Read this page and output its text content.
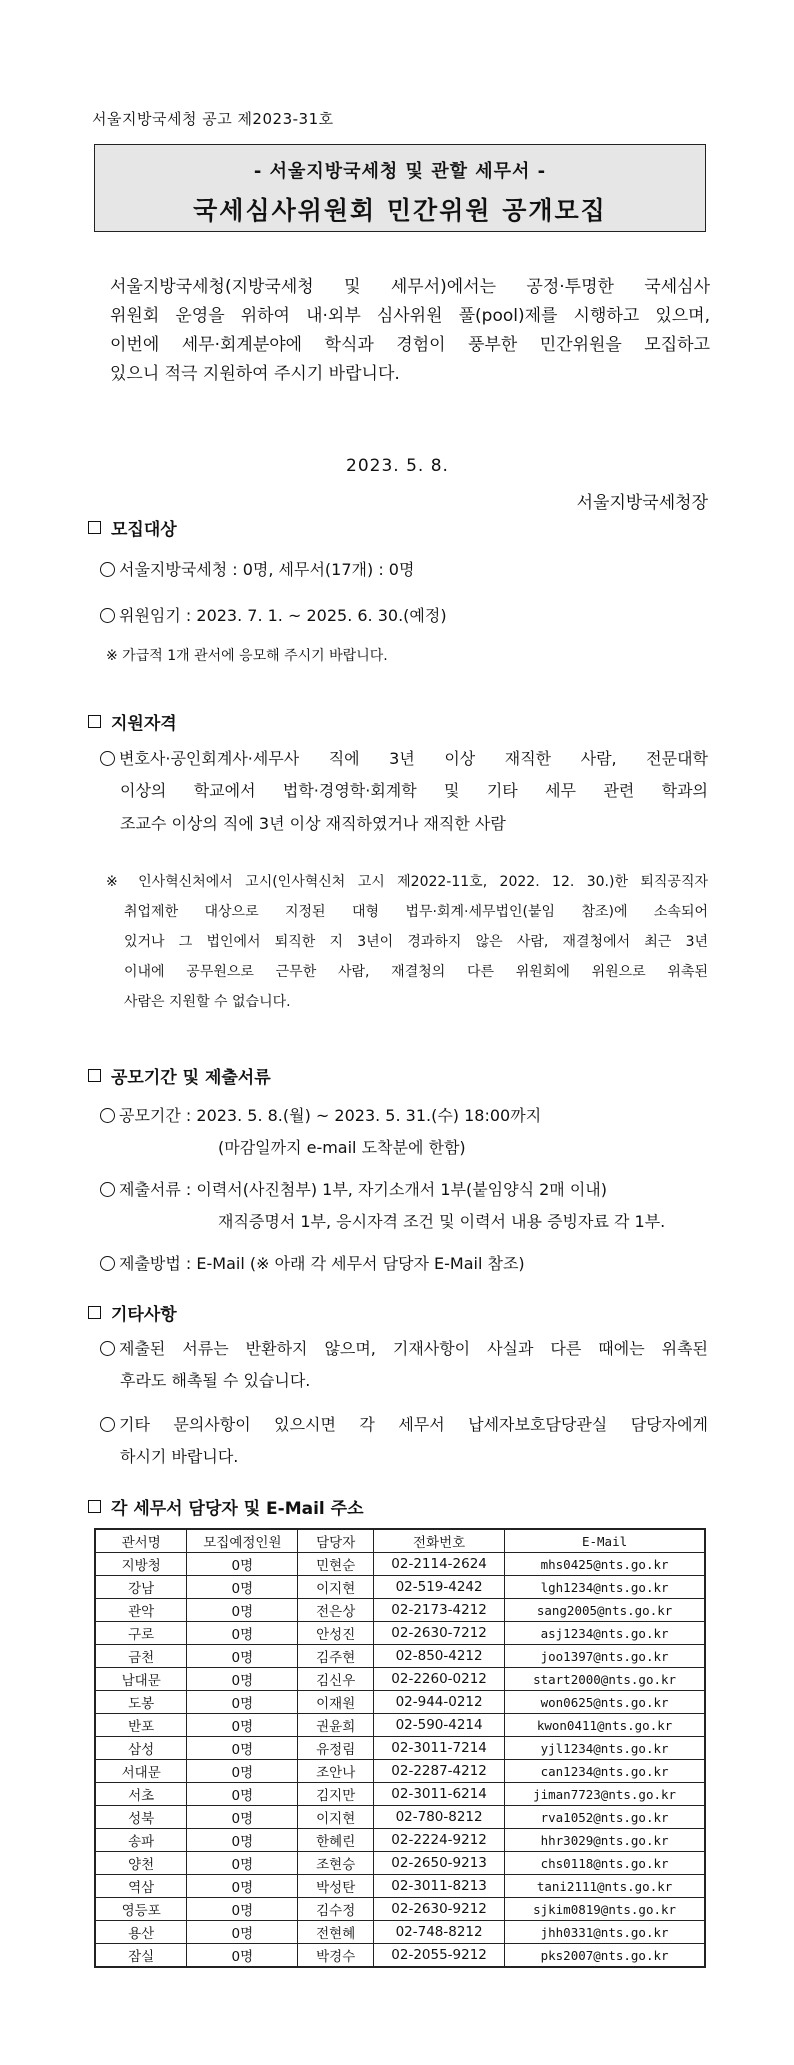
서울지방국세청 공고 제2023-31호
- 서울지방국세청 및 관할 세무서 -
국세심사위원회 민간위원 공개모집

서울지방국세청(지방국세청 및 세무서)에서는 공정·투명한 국세심사

위원회 운영을 위하여 내·외부 심사위원 풀(pool)제를 시행하고 있으며,

이번에 세무·회계분야에 학식과 경험이 풍부한 민간위원을 모집하고

있으니 적극 지원하여 주시기 바랍니다.

2023. 5. 8.
서울지방국세청장
모집대상
서울지방국세청 : 0명, 세무서(17개) : 0명
위원임기 : 2023. 7. 1. ~ 2025. 6. 30.(예정)
※ 가급적 1개 관서에 응모해 주시기 바랍니다.
지원자격
변호사·공인회계사·세무사 직에 3년 이상 재직한 사람, 전문대학
이상의 학교에서 법학·경영학·회계학 및 기타 세무 관련 학과의
조교수 이상의 직에 3년 이상 재직하였거나 재직한 사람
※ 인사혁신처에서 고시(인사혁신처 고시 제2022-11호, 2022. 12. 30.)한 퇴직공직자
취업제한 대상으로 지정된 대형 법무·회계·세무법인(붙임 참조)에 소속되어
있거나 그 법인에서 퇴직한 지 3년이 경과하지 않은 사람, 재결청에서 최근 3년
이내에 공무원으로 근무한 사람, 재결청의 다른 위원회에 위원으로 위촉된
사람은 지원할 수 없습니다.
공모기간 및 제출서류
공모기간 : 2023. 5. 8.(월) ~ 2023. 5. 31.(수) 18:00까지
(마감일까지 e-mail 도착분에 한함)
제출서류 : 이력서(사진첨부) 1부, 자기소개서 1부(붙임양식 2매 이내)
재직증명서 1부, 응시자격 조건 및 이력서 내용 증빙자료 각 1부.
제출방법 : E-Mail (※ 아래 각 세무서 담당자 E-Mail 참조)
기타사항
제출된 서류는 반환하지 않으며, 기재사항이 사실과 다른 때에는 위촉된
후라도 해촉될 수 있습니다.
기타 문의사항이 있으시면 각 세무서 납세자보호담당관실 담당자에게
하시기 바랍니다.
각 세무서 담당자 및 E-Mail 주소
관서명	모집예정인원	담당자	전화번호	E-Mail
지방청	0명	민현순	02-2114-2624	mhs0425@nts.go.kr
강남	0명	이지현	02-519-4242	lgh1234@nts.go.kr
관악	0명	전은상	02-2173-4212	sang2005@nts.go.kr
구로	0명	안성진	02-2630-7212	asj1234@nts.go.kr
금천	0명	김주현	02-850-4212	joo1397@nts.go.kr
남대문	0명	김신우	02-2260-0212	start2000@nts.go.kr
도봉	0명	이재원	02-944-0212	won0625@nts.go.kr
반포	0명	권윤희	02-590-4214	kwon0411@nts.go.kr
삼성	0명	유정림	02-3011-7214	yjl1234@nts.go.kr
서대문	0명	조안나	02-2287-4212	can1234@nts.go.kr
서초	0명	김지만	02-3011-6214	jiman7723@nts.go.kr
성북	0명	이지현	02-780-8212	rva1052@nts.go.kr
송파	0명	한혜린	02-2224-9212	hhr3029@nts.go.kr
양천	0명	조현승	02-2650-9213	chs0118@nts.go.kr
역삼	0명	박성탄	02-3011-8213	tani2111@nts.go.kr
영등포	0명	김수정	02-2630-9212	sjkim0819@nts.go.kr
용산	0명	전현혜	02-748-8212	jhh0331@nts.go.kr
잠실	0명	박경수	02-2055-9212	pks2007@nts.go.kr
